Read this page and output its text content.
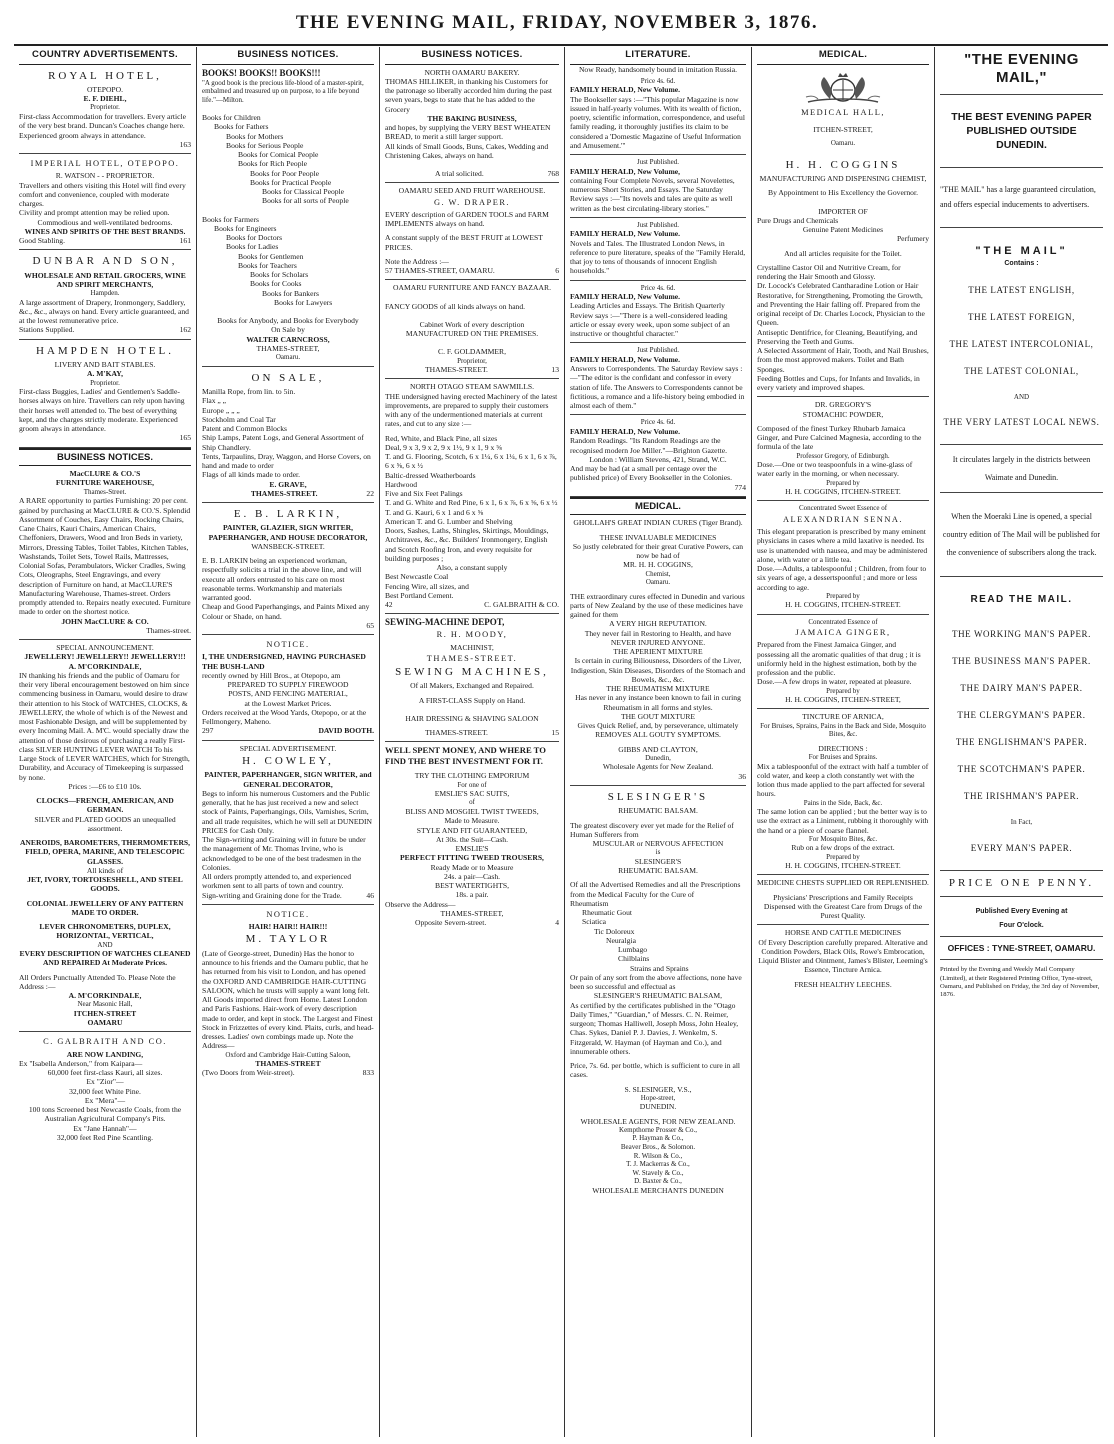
THE EVENING MAIL, FRIDAY, NOVEMBER 3, 1876.
COUNTRY ADVERTISEMENTS.
ROYAL HOTEL,
OTEPOPO.
E. F. DIEHL,
Proprietor.
First-class Accommodation for travellers. Every article of the very best brand. Duncan's Coaches change here. Experienced groom always in attendance.
163
IMPERIAL HOTEL, OTEPOPO.
R. WATSON - - PROPRIETOR.
Travellers and others visiting this Hotel will find every comfort and convenience, coupled with moderate charges.
Civility and prompt attention may be relied upon.
Commodious and well-ventilated bedrooms.
WINES AND SPIRITS OF THE BEST BRANDS.
Good Stabling.	161
DUNBAR AND SON,
WHOLESALE AND RETAIL GROCERS, WINE AND SPIRIT MERCHANTS,
Hampden.
A large assortment of Drapery, Ironmongery, Saddlery, &c., &c., always on hand. Every article guaranteed, and at the lowest remunerative price.
Stations Supplied.	162
HAMPDEN HOTEL.
LIVERY AND BAIT STABLES.
A. M'KAY,
Proprietor.
First-class Buggies, Ladies' and Gentlemen's Saddle-horses always on hire. Travellers can rely upon having their horses well attended to. The best of everything kept, and the charges strictly moderate. Experienced groom always in attendance.
165
BUSINESS NOTICES.
MacCLURE & CO.'S
FURNITURE WAREHOUSE,
Thames-Street.
A RARE opportunity to parties Furnishing: 20 per cent. gained by purchasing at MacCLURE & CO.'S. Splendid Assortment of Couches, Easy Chairs, Rocking Chairs, Cane Chairs, Kauri Chairs, American Chairs, Cheffoniers, Drawers, Wood and Iron Beds in variety, Mirrors, Dressing Tables, Toilet Tables, Kitchen Tables, Washstands, Toilet Sets, Towel Rails, Mattresses, Colonial Sofas, Perambulators, Wicker Cradles, Swing Cots, Oleographs, Steel Engravings, and every description of Furniture on hand, at MacCLURE'S Manufacturing Warehouse, Thames-street. Orders promptly attended to. Repairs neatly executed. Furniture made to order on the shortest notice.
JOHN MacCLURE & CO.
Thames-street.
SPECIAL ANNOUNCEMENT.
JEWELLERY! JEWELLERY!! JEWELLERY!!!
A. M'CORKINDALE,
IN thanking his friends and the public of Oamaru for their very liberal encouragement bestowed on him since commencing business in Oamaru, would desire to draw their attention to his Stock of WATCHES, CLOCKS, & JEWELLERY, the whole of which is of the Newest and most Fashionable Design, and will be supplemented by every Incoming Mail. A. M'C. would specially draw the attention of those desirous of purchasing a really First-class SILVER HUNTING LEVER WATCH To his Large Stock of LEVER WATCHES, which for Strength, Durability, and Accuracy of Timekeeping is surpassed by none.
Prices :—£6 to £10 10s.
CLOCKS—FRENCH, AMERICAN, AND GERMAN.
SILVER and PLATED GOODS an unequalled assortment.
ANEROIDS, BAROMETERS, THERMOMETERS, FIELD, OPERA, MARINE, AND TELESCOPIC GLASSES.
All kinds of
JET, IVORY, TORTOISESHELL, AND STEEL GOODS.
COLONIAL JEWELLERY OF ANY PATTERN MADE TO ORDER.
LEVER CHRONOMETERS, DUPLEX, HORIZONTAL, VERTICAL,
AND
EVERY DESCRIPTION OF WATCHES CLEANED AND REPAIRED At Moderate Prices.
All Orders Punctually Attended To. Please Note the Address :—
A. M'CORKINDALE,
Near Masonic Hall,
ITCHEN-STREET
OAMARU
C. GALBRAITH AND CO.
ARE NOW LANDING,
Ex "Isabella Anderson," from Kaipara—
60,000 feet first-class Kauri, all sizes.
Ex "Zior"—
32,000 feet White Pine.
Ex "Mera"—
100 tons Screened best Newcastle Coals, from the Australian Agricultural Company's Pits.
Ex "Jane Hannah"—
32,000 feet Red Pine Scantling.
BUSINESS NOTICES.
BOOKS! BOOKS!! BOOKS!!!
"A good book is the precious life-blood of a master-spirit, embalmed and treasured up on purpose, to a life beyond life."—Milton.
Books for Children
Books for Fathers
Books for Mothers
Books for Serious People
Books for Comical People
Books for Rich People
Books for Poor People
Books for Practical People
Books for Classical People
Books for all sorts of People
Books for Farmers
Books for Engineers
Books for Doctors
Books for Ladies
Books for Gentlemen
Books for Teachers
Books for Scholars
Books for Cooks
Books for Bankers
Books for Lawyers
Books for Anybody, and Books for Everybody
On Sale by
WALTER CARNCROSS,
THAMES-STREET,
Oamaru.
ON SALE,
Manilla Rope, from lin. to 5in.
Flax „ „
Europe „ „ „
Stockholm and Coal Tar
Patent and Common Blocks
Ship Lamps, Patent Logs, and General Assortment of Ship Chandlery.
Tents, Tarpaulins, Dray, Waggon, and Horse Covers, on hand and made to order
Flags of all kinds made to order.
E. GRAVE,
THAMES-STREET.	22
E. B. LARKIN,
PAINTER, GLAZIER, SIGN WRITER, PAPERHANGER, AND HOUSE DECORATOR,
WANSBECK-STREET.
E. B. LARKIN being an experienced workman, respectfully solicits a trial in the above line, and will execute all orders entrusted to his care on most reasonable terms. Workmanship and materials warranted good.
Cheap and Good Paperhangings, and Paints Mixed any Colour or Shade, on hand.
65
NOTICE.
I, THE UNDERSIGNED, HAVING PURCHASED THE BUSH-LAND
recently owned by Hill Bros., at Otepopo, am
PREPARED TO SUPPLY FIREWOOD
POSTS, AND FENCING MATERIAL,
at the Lowest Market Prices.
Orders received at the Wood Yards, Otepopo, or at the Fellmongery, Maheno.
297	DAVID BOOTH.
SPECIAL ADVERTISEMENT.
H. COWLEY,
PAINTER, PAPERHANGER, SIGN WRITER, and GENERAL DECORATOR,
Begs to inform his numerous Customers and the Public generally, that he has just received a new and select stock of Paints, Paperhangings, Oils, Varnishes, Scrim, and all trade requisites, which he will sell at DUNEDIN PRICES for Cash Only.
The Sign-writing and Graining will in future be under the management of Mr. Thomas Irvine, who is acknowledged to be one of the best tradesmen in the Colonies.
All orders promptly attended to, and experienced workmen sent to all parts of town and country.
Sign-writing and Graining done for the Trade.	46
NOTICE.
HAIR! HAIR!! HAIR!!!
M. TAYLOR
(Late of George-street, Dunedin) Has the honor to announce to his friends and the Oamaru public, that he has returned from his visit to London, and has opened the OXFORD AND CAMBRIDGE HAIR-CUTTING SALOON, which he trusts will supply a want long felt. All Goods imported direct from Home. Latest London and Paris Fashions. Hair-work of every description made to order, and kept in stock. The Largest and Finest Stock in Frizzettes of every kind. Plaits, curls, and head-dresses. Ladies' own combings made up. Note the Address—
Oxford and Cambridge Hair-Cutting Saloon,
THAMES-STREET
(Two Doors from Weir-street).	833
BUSINESS NOTICES.
NORTH OAMARU BAKERY.
THOMAS HILLIKER, in thanking his Customers for the patronage so liberally accorded him during the past seven years, begs to state that he has added to the Grocery
THE BAKING BUSINESS,
and hopes, by supplying the VERY BEST WHEATEN BREAD, to merit a still larger support.
All kinds of Small Goods, Buns, Cakes, Wedding and Christening Cakes, always on hand.
A trial solicited.	768
OAMARU SEED AND FRUIT WAREHOUSE.
G. W. DRAPER.
EVERY description of GARDEN TOOLS and FARM IMPLEMENTS always on hand.
A constant supply of the BEST FRUIT at LOWEST PRICES.
Note the Address :—
57 THAMES-STREET, OAMARU.	6
OAMARU FURNITURE AND FANCY BAZAAR.
FANCY GOODS of all kinds always on hand.
Cabinet Work of every description
MANUFACTURED ON THE PREMISES.
C. F. GOLDAMMER,
Proprietor,
THAMES-STREET.	13
NORTH OTAGO STEAM SAWMILLS.
THE undersigned having erected Machinery of the latest improvements, are prepared to supply their customers with any of the undermentioned materials at current rates, and cut to any size :—
Red, White, and Black Pine, all sizes
Deal, 9 x 3, 9 x 2, 9 x 1½, 9 x 1, 9 x ⅝
T. and G. Flooring, Scotch, 6 x 1¼, 6 x 1¼, 6 x 1, 6 x ⅞, 6 x ⅝, 6 x ½
Baltic-dressed Weatherboards
Hardwood
Five and Six Feet Palings
T. and G. White and Red Pine, 6 x 1, 6 x ⅞, 6 x ⅝, 6 x ½
T. and G. Kauri, 6 x 1 and 6 x ⅝
American T. and G. Lumber and Shelving
Doors, Sashes, Laths, Shingles, Skirtings, Mouldings, Architraves, &c., &c. Builders' Ironmongery, English and Scotch Roofing Iron, and every requisite for building purposes ;
Also, a constant supply
Best Newcastle Coal
Fencing Wire, all sizes, and
Best Portland Cement.
42	C. GALBRAITH & CO.
SEWING-MACHINE DEPOT,
R. H. MOODY,
MACHINIST,
THAMES-STREET.
SEWING MACHINES,
Of all Makers, Exchanged and Repaired.
A FIRST-CLASS Supply on Hand.
HAIR DRESSING & SHAVING SALOON
THAMES-STREET.	15
WELL SPENT MONEY, AND WHERE TO FIND THE BEST INVESTMENT FOR IT.
TRY THE CLOTHING EMPORIUM
For one of
EMSLIE'S SAC SUITS,
of
BLISS AND MOSGIEL TWIST TWEEDS,
Made to Measure.
STYLE AND FIT GUARANTEED,
At 30s. the Suit—Cash.
EMSLIE'S
PERFECT FITTING TWEED TROUSERS,
Ready Made or to Measure
24s. a pair—Cash.
BEST WATERTIGHTS,
18s. a pair.
Observe the Address—
THAMES-STREET,
Opposite Severn-street.	4
LITERATURE.
Now Ready, handsomely bound in imitation Russia.
Price 4s. 6d.
FAMILY HERALD, New Volume.
The Bookseller says :—"This popular Magazine is now issued in half-yearly volumes. With its wealth of fiction, poetry, scientific information, correspondence, and useful family reading, it thoroughly justifies its claim to be considered a 'Domestic Magazine of Useful Information and Amusement.'"
Just Published.
FAMILY HERALD, New Volume,
containing Four Complete Novels, several Novelettes, numerous Short Stories, and Essays. The Saturday Review says :—"Its novels and tales are quite as well written as the best circulating-library stories."
Just Published.
FAMILY HERALD, New Volume.
Novels and Tales. The Illustrated London News, in reference to pure literature, speaks of the "Family Herald, that joy to tens of thousands of innocent English households."
Price 4s. 6d.
FAMILY HERALD, New Volume.
Leading Articles and Essays. The British Quarterly Review says :—"There is a well-considered leading article or essay every week, upon some subject of an instructive or thoughtful character."
Just Published.
FAMILY HERALD, New Volume.
Answers to Correspondents. The Saturday Review says :—"The editor is the confidant and confessor in every station of life. The Answers to Correspondents cannot be fictitious, a romance and a life-history being embodied in almost each of them."
Price 4s. 6d.
FAMILY HERALD, New Volume.
Random Readings. "Its Random Readings are the recognised modern Joe Miller."—Brighton Gazette.
London : William Stevens, 421, Strand, W.C.
And may be had (at a small per centage over the published price) of Every Bookseller in the Colonies.
774
MEDICAL.
GHOLLAH'S GREAT INDIAN CURES (Tiger Brand).
THESE INVALUABLE MEDICINES
So justly celebrated for their great Curative Powers, can now be had of
MR. H. H. COGGINS,
Chemist,
Oamaru.
THE extraordinary cures effected in Dunedin and various parts of New Zealand by the use of these medicines have gained for them
A VERY HIGH REPUTATION.
They never fail in Restoring to Health, and have
NEVER INJURED ANYONE.
THE APERIENT MIXTURE
Is certain in curing Biliousness, Disorders of the Liver, Indigestion, Skin Diseases, Disorders of the Stomach and Bowels, &c., &c.
THE RHEUMATISM MIXTURE
Has never in any instance been known to fail in curing Rheumatism in all forms and styles.
THE GOUT MIXTURE
Gives Quick Relief, and, by perseverance, ultimately
REMOVES ALL GOUTY SYMPTOMS.
GIBBS AND CLAYTON,
Dunedin,
Wholesale Agents for New Zealand.
36
SLESINGER'S
RHEUMATIC BALSAM.
The greatest discovery ever yet made for the Relief of Human Sufferers from
MUSCULAR or NERVOUS AFFECTION
is
SLESINGER'S
RHEUMATIC BALSAM.
Of all the Advertised Remedies and all the Prescriptions from the Medical Faculty for the Cure of
Rheumatism
Rheumatic Gout
Sciatica
Tic Doloreux
Neuralgia
Lumbago
Chilblains
Strains and Sprains
Or pain of any sort from the above affections, none have been so successful and effectual as
SLESINGER'S RHEUMATIC BALSAM,
As certified by the certificates published in the "Otago Daily Times," "Guardian," of Messrs. C. N. Reimer, surgeon; Thomas Halliwell, Joseph Moss, John Healey, Chas. Sykes, Daniel P. J. Davies, J. Wenkelm, S. Fitzgerald, W. Hayman (of Hayman and Co.), and innumerable others.
Price, 7s. 6d. per bottle, which is sufficient to cure in all cases.
S. SLESINGER, V.S.,
Hope-street,
DUNEDIN.
WHOLESALE AGENTS, FOR NEW ZEALAND.
Kempthorne Prosser & Co.,
P. Hayman & Co.,
Beaver Bros., & Solomon.
R. Wilson & Co.,
T. J. Mackerras & Co.,
W. Stavely & Co.,
D. Baxter & Co.,
WHOLESALE MERCHANTS DUNEDIN
MEDICAL.
MEDICAL HALL,
ITCHEN-STREET,
Oamaru.
H. H. COGGINS
MANUFACTURING AND DISPENSING CHEMIST,
By Appointment to His Excellency the Governor.
IMPORTER OF
Pure Drugs and Chemicals
Genuine Patent Medicines
Perfumery
And all articles requisite for the Toilet.
Crystalline Castor Oil and Nutritive Cream, for rendering the Hair Smooth and Glossy.
Dr. Locock's Celebrated Cantharadine Lotion or Hair Restorative, for Strengthening, Promoting the Growth, and Preventing the Hair falling off. Prepared from the original receipt of Dr. Charles Locock, Physician to the Queen.
Antiseptic Dentifrice, for Cleaning, Beautifying, and Preserving the Teeth and Gums.
A Selected Assortment of Hair, Tooth, and Nail Brushes, from the most approved makers. Toilet and Bath Sponges.
Feeding Bottles and Cups, for Infants and Invalids, in every variety and improved shapes.
DR. GREGORY'S
STOMACHIC POWDER,
Composed of the finest Turkey Rhubarb Jamaica Ginger, and Pure Calcined Magnesia, according to the formula of the late
Professor Gregory, of Edinburgh.
Dose.—One or two teaspoonfuls in a wine-glass of water early in the morning, or when necessary.
Prepared by
H. H. COGGINS, ITCHEN-STREET.
Concentrated Sweet Essence of
ALEXANDRIAN SENNA.
This elegant preparation is prescribed by many eminent physicians in cases where a mild laxative is needed. Its use is unattended with nauseа, and may be administered alone, with water or a little tea.
Dose.—Adults, a tablespoonful ; Children, from four to six years of age, a dessertspoonful ; and more or less according to age.
Prepared by
H. H. COGGINS, ITCHEN-STREET.
Concentrated Essence of
JAMAICA GINGER,
Prepared from the Finest Jamaica Ginger, and possessing all the aromatic qualities of that drug ; it is uniformly held in the highest estimation, both by the profession and the public.
Dose.—A few drops in water, repeated at pleasure.
Prepared by
H. H. COGGINS, ITCHEN-STREET,
TINCTURE OF ARNICA,
For Bruises, Sprains, Pains in the Back and Side, Mosquito Bites, &c.
DIRECTIONS :
For Bruises and Sprains.
Mix a tablespoonful of the extract with half a tumbler of cold water, and keep a cloth constantly wet with the lotion thus made applied to the part affected for several hours.
Pains in the Side, Back, &c.
The same lotion can be applied ; but the better way is to use the extract as a Liniment, rubbing it thoroughly with the hand or a piece of coarse flannel.
For Mosquito Bites, &c.
Rub on a few drops of the extract.
Prepared by
H. H. COGGINS, ITCHEN-STREET.
MEDICINE CHESTS SUPPLIED OR REPLENISHED.
Physicians' Prescriptions and Family Receipts Dispensed with the Greatest Care from Drugs of the Purest Quality.
HORSE AND CATTLE MEDICINES
Of Every Description carefully prepared. Alterative and Condition Powders, Black Oils, Rowe's Embrocation, Liquid Blister and Ointment, James's Blister, Leeming's Essence, Tincture Arnica.
FRESH HEALTHY LEECHES.
"THE EVENING MAIL,"
THE BEST EVENING PAPER PUBLISHED OUTSIDE DUNEDIN.
"THE MAIL" has a large guaranteed circulation, and offers especial inducements to advertisers.
"THE MAIL"
Contains :
THE LATEST ENGLISH,
THE LATEST FOREIGN,
THE LATEST INTERCOLONIAL,
THE LATEST COLONIAL,
AND
THE VERY LATEST LOCAL NEWS.
It circulates largely in the districts between Waimate and Dunedin.
When the Moeraki Line is opened, a special country edition of The Mail will be published for the convenience of subscribers along the track.
READ THE MAIL.
THE WORKING MAN'S PAPER.
THE BUSINESS MAN'S PAPER.
THE DAIRY MAN'S PAPER.
THE CLERGYMAN'S PAPER.
THE ENGLISHMAN'S PAPER.
THE SCOTCHMAN'S PAPER.
THE IRISHMAN'S PAPER.
In Fact,
EVERY MAN'S PAPER.
PRICE ONE PENNY.
Published Every Evening at
Four O'clock.
OFFICES : TYNE-STREET, OAMARU.
Printed by the Evening and Weekly Mail Company (Limited), at their Registered Printing Office, Tyne-street, Oamaru, and Published on Friday, the 3rd day of November, 1876.
